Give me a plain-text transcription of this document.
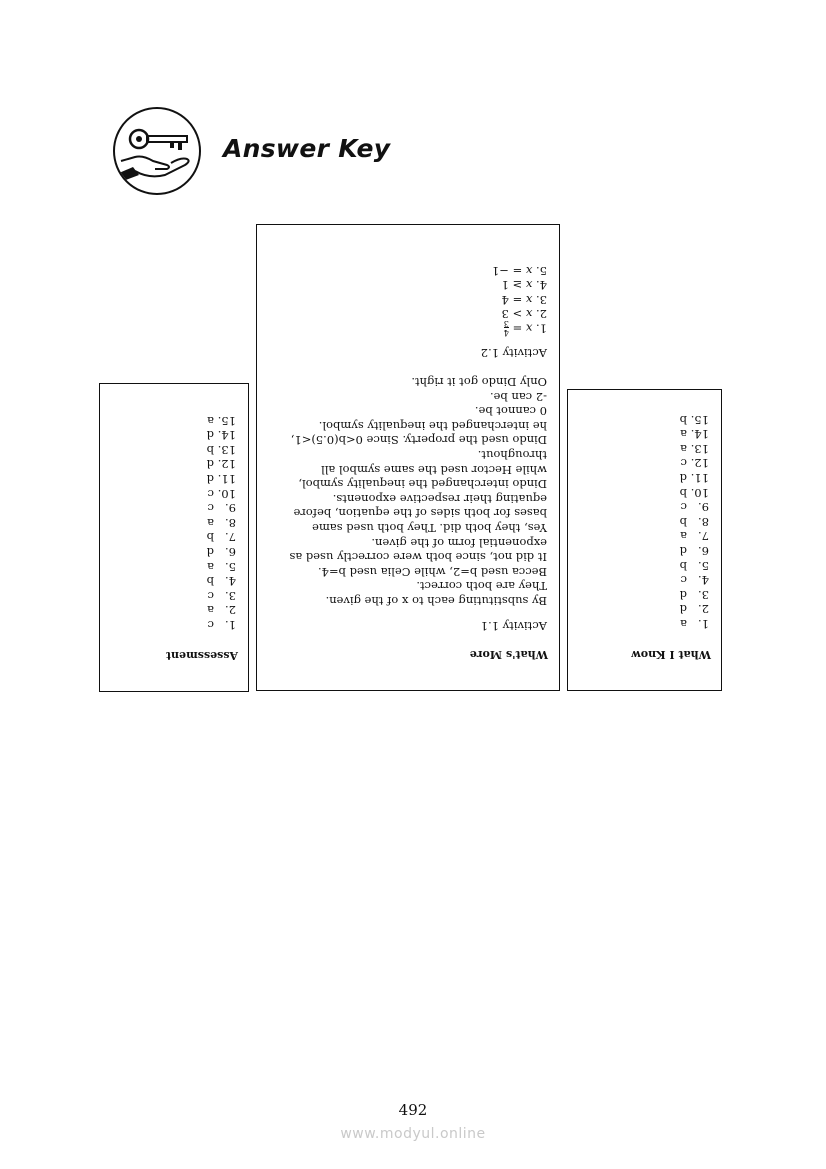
Answer Key
What I Know
1.a
2.d
3.d
4.c
5.b
6.d
7.a
8.b
9.c
10.b
11.d
12.c
13.a
14.a
15.b
What's More
Activity 1.1
By substituting each to x of the given.
They are both correct.
Becca used b=2, while Celia used b=4.
It did not, since both were correctly used as
exponential form of the given.
Yes, they both did. They both used same
bases for both sides of the equation, before
equating their respective exponents.
Dindo interchanged the inequality symbol,
while Hector used the same symbol all
throughout.
Dindo used the property. Since 0<b(0.5)<1,
he interchanged the inequality symbol.
0 cannot be.
-2 can be.
Only Dindo got it right.
Activity 1.2
1. x =
4
3
2. x > 3
3. x = 4
4. x ≥ 1
5. x = −1
Assessment
1.c
2.a
3.c
4.b
5.a
6.d
7.b
8.a
9.c
10.c
11.d
12.d
13.b
14.d
15.a
492
www.modyul.online
